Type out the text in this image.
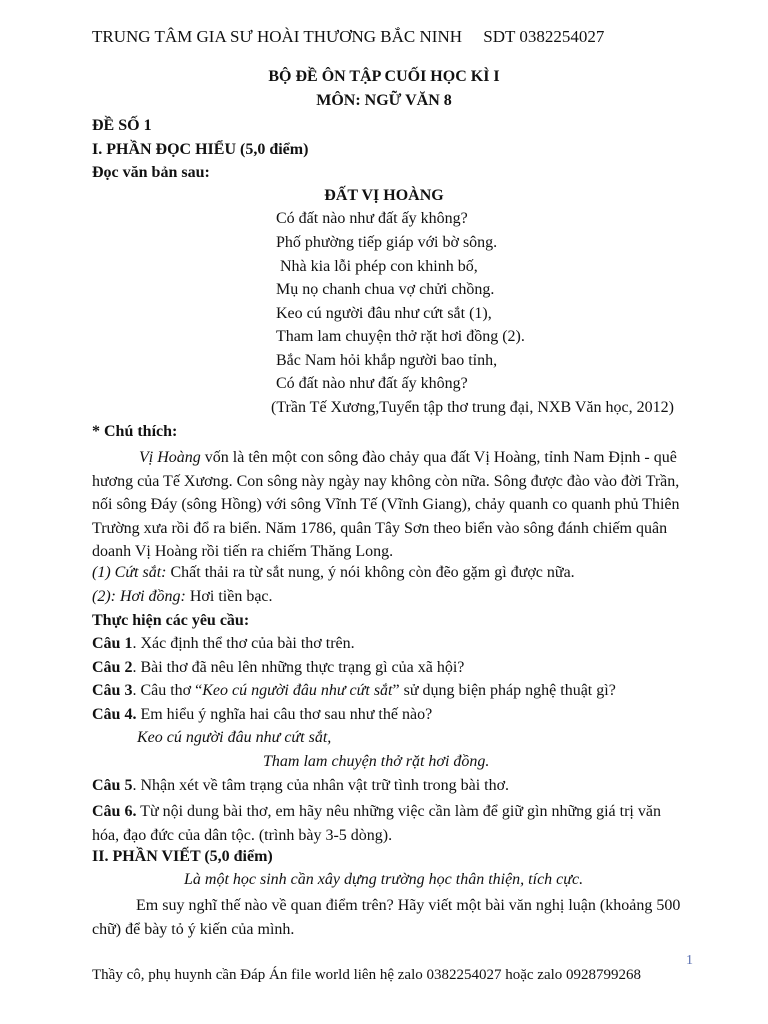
TRUNG TÂM GIA SƯ HOÀI THƯƠNG BẮC NINH     SDT 0382254027
BỘ ĐỀ ÔN TẬP CUỐI HỌC KÌ I
MÔN: NGỮ VĂN 8
ĐỀ SỐ 1
I. PHẦN ĐỌC HIỂU (5,0 điểm)
Đọc văn bản sau:
ĐẤT VỊ HOÀNG
Có đất nào như đất ấy không?
Phố phường tiếp giáp với bờ sông.
Nhà kia lỗi phép con khinh bố,
Mụ nọ chanh chua vợ chửi chồng.
Keo cú người đâu như cứt sắt (1),
Tham lam chuyện thở rặt hơi đồng (2).
Bắc Nam hỏi khắp người bao tỉnh,
Có đất nào như đất ấy không?
(Trần Tế Xương,Tuyển tập thơ trung đại, NXB Văn học, 2012)
* Chú thích:
Vị Hoàng vốn là tên một con sông đào chảy qua đất Vị Hoàng, tỉnh Nam Định - quê hương của Tế Xương. Con sông này ngày nay không còn nữa. Sông được đào vào đời Trần, nối sông Đáy (sông Hồng) với sông Vĩnh Tế (Vĩnh Giang), chảy quanh co quanh phủ Thiên Trường xưa rồi đổ ra biển. Năm 1786, quân Tây Sơn theo biển vào sông đánh chiếm quân doanh Vị Hoàng rồi tiến ra chiếm Thăng Long.
(1) Cứt sắt: Chất thải ra từ sắt nung, ý nói không còn đẽo gặm gì được nữa.
(2): Hơi đồng: Hơi tiền bạc.
Thực hiện các yêu cầu:
Câu 1. Xác định thể thơ của bài thơ trên.
Câu 2. Bài thơ đã nêu lên những thực trạng gì của xã hội?
Câu 3. Câu thơ “Keo cú người đâu như cứt sắt” sử dụng biện pháp nghệ thuật gì?
Câu 4. Em hiểu ý nghĩa hai câu thơ sau như thế nào?
Keo cú người đâu như cứt sắt,
Tham lam chuyện thở rặt hơi đồng.
Câu 5. Nhận xét về tâm trạng của nhân vật trữ tình trong bài thơ.
Câu 6. Từ nội dung bài thơ, em hãy nêu những việc cần làm để giữ gìn những giá trị văn hóa, đạo đức của dân tộc. (trình bày 3-5 dòng).
II. PHẦN VIẾT (5,0 điểm)
Là một học sinh cần xây dựng trường học thân thiện, tích cực.
Em suy nghĩ thế nào về quan điểm trên? Hãy viết một bài văn nghị luận (khoảng 500 chữ) để bày tỏ ý kiến của mình.
1
Thầy cô, phụ huynh cần Đáp Án file world liên hệ zalo 0382254027 hoặc zalo 0928799268
